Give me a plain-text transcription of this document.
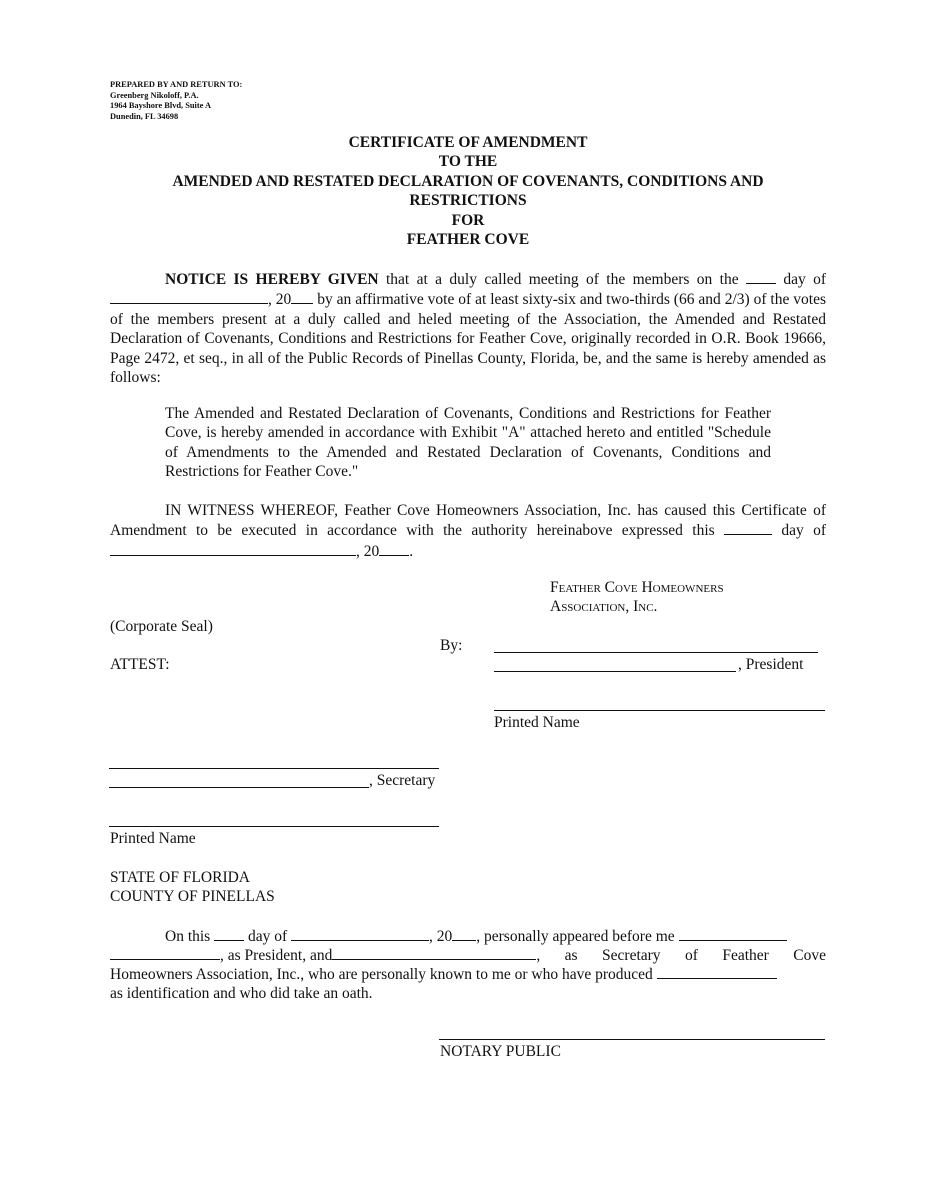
PREPARED BY AND RETURN TO:
Greenberg Nikoloff, P.A.
1964 Bayshore Blvd, Suite A
Dunedin, FL 34698
CERTIFICATE OF AMENDMENT
TO THE
AMENDED AND RESTATED DECLARATION OF COVENANTS, CONDITIONS AND
RESTRICTIONS
FOR
FEATHER COVE
NOTICE IS HEREBY GIVEN that at a duly called meeting of the members on the  day of , 20 by an affirmative vote of at least sixty-six and two-thirds (66 and 2/3) of the votes of the members present at a duly called and heled meeting of the Association, the Amended and Restated Declaration of Covenants, Conditions and Restrictions for Feather Cove, originally recorded in O.R. Book 19666, Page 2472, et seq., in all of the Public Records of Pinellas County, Florida, be, and the same is hereby amended as follows:
The Amended and Restated Declaration of Covenants, Conditions and Restrictions for Feather Cove, is hereby amended in accordance with Exhibit "A" attached hereto and entitled "Schedule of Amendments to the Amended and Restated Declaration of Covenants, Conditions and Restrictions for Feather Cove."
IN WITNESS WHEREOF, Feather Cove Homeowners Association, Inc. has caused this Certificate of Amendment to be executed in accordance with the authority hereinabove expressed this	day of , 20 .
Feather Cove Homeowners
Association, Inc.
(Corporate Seal)
By:
ATTEST:	, President
Printed Name
, Secretary
Printed Name
STATE OF FLORIDA
COUNTY OF PINELLAS
On this  day of	, 20 , personally appeared before me
, as President, and	, as Secretary of Feather Cove
Homeowners Association, Inc., who are personally known to me or who have produced
as identification and who did take an oath.
NOTARY PUBLIC
